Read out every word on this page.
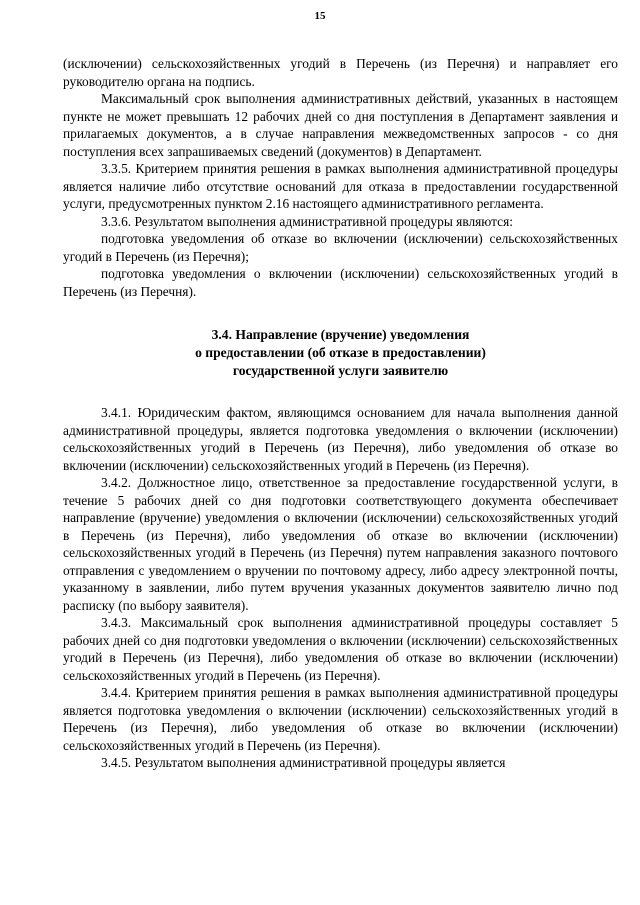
15

(исключении) сельскохозяйственных угодий в Перечень (из Перечня) и направляет его руководителю органа на подпись.

Максимальный срок выполнения административных действий, указанных в настоящем пункте не может превышать 12 рабочих дней со дня поступления в Департамент заявления и прилагаемых документов, а в случае направления межведомственных запросов - со дня поступления всех запрашиваемых сведений (документов) в Департамент.

3.3.5. Критерием принятия решения в рамках выполнения административной процедуры является наличие либо отсутствие оснований для отказа в предоставлении государственной услуги, предусмотренных пунктом 2.16 настоящего административного регламента.

3.3.6. Результатом выполнения административной процедуры являются:

подготовка уведомления об отказе во включении (исключении) сельскохозяйственных угодий в Перечень (из Перечня);

подготовка уведомления о включении (исключении) сельскохозяйственных угодий в Перечень (из Перечня).

3.4. Направление (вручение) уведомления
о предоставлении (об отказе в предоставлении)
государственной услуги заявителю

3.4.1. Юридическим фактом, являющимся основанием для начала выполнения данной административной процедуры, является подготовка уведомления о включении (исключении) сельскохозяйственных угодий в Перечень (из Перечня), либо уведомления об отказе во включении (исключении) сельскохозяйственных угодий в Перечень (из Перечня).

3.4.2. Должностное лицо, ответственное за предоставление государственной услуги, в течение 5 рабочих дней со дня подготовки соответствующего документа обеспечивает направление (вручение) уведомления о включении (исключении) сельскохозяйственных угодий в Перечень (из Перечня), либо уведомления об отказе во включении (исключении) сельскохозяйственных угодий в Перечень (из Перечня) путем направления заказного почтового отправления с уведомлением о вручении по почтовому адресу, либо адресу электронной почты, указанному в заявлении, либо путем вручения указанных документов заявителю лично под расписку (по выбору заявителя).

3.4.3. Максимальный срок выполнения административной процедуры составляет 5 рабочих дней со дня подготовки уведомления о включении (исключении) сельскохозяйственных угодий в Перечень (из Перечня), либо уведомления об отказе во включении (исключении) сельскохозяйственных угодий в Перечень (из Перечня).

3.4.4. Критерием принятия решения в рамках выполнения административной процедуры является подготовка уведомления о включении (исключении) сельскохозяйственных угодий в Перечень (из Перечня), либо уведомления об отказе во включении (исключении) сельскохозяйственных угодий в Перечень (из Перечня).

3.4.5. Результатом выполнения административной процедуры является
